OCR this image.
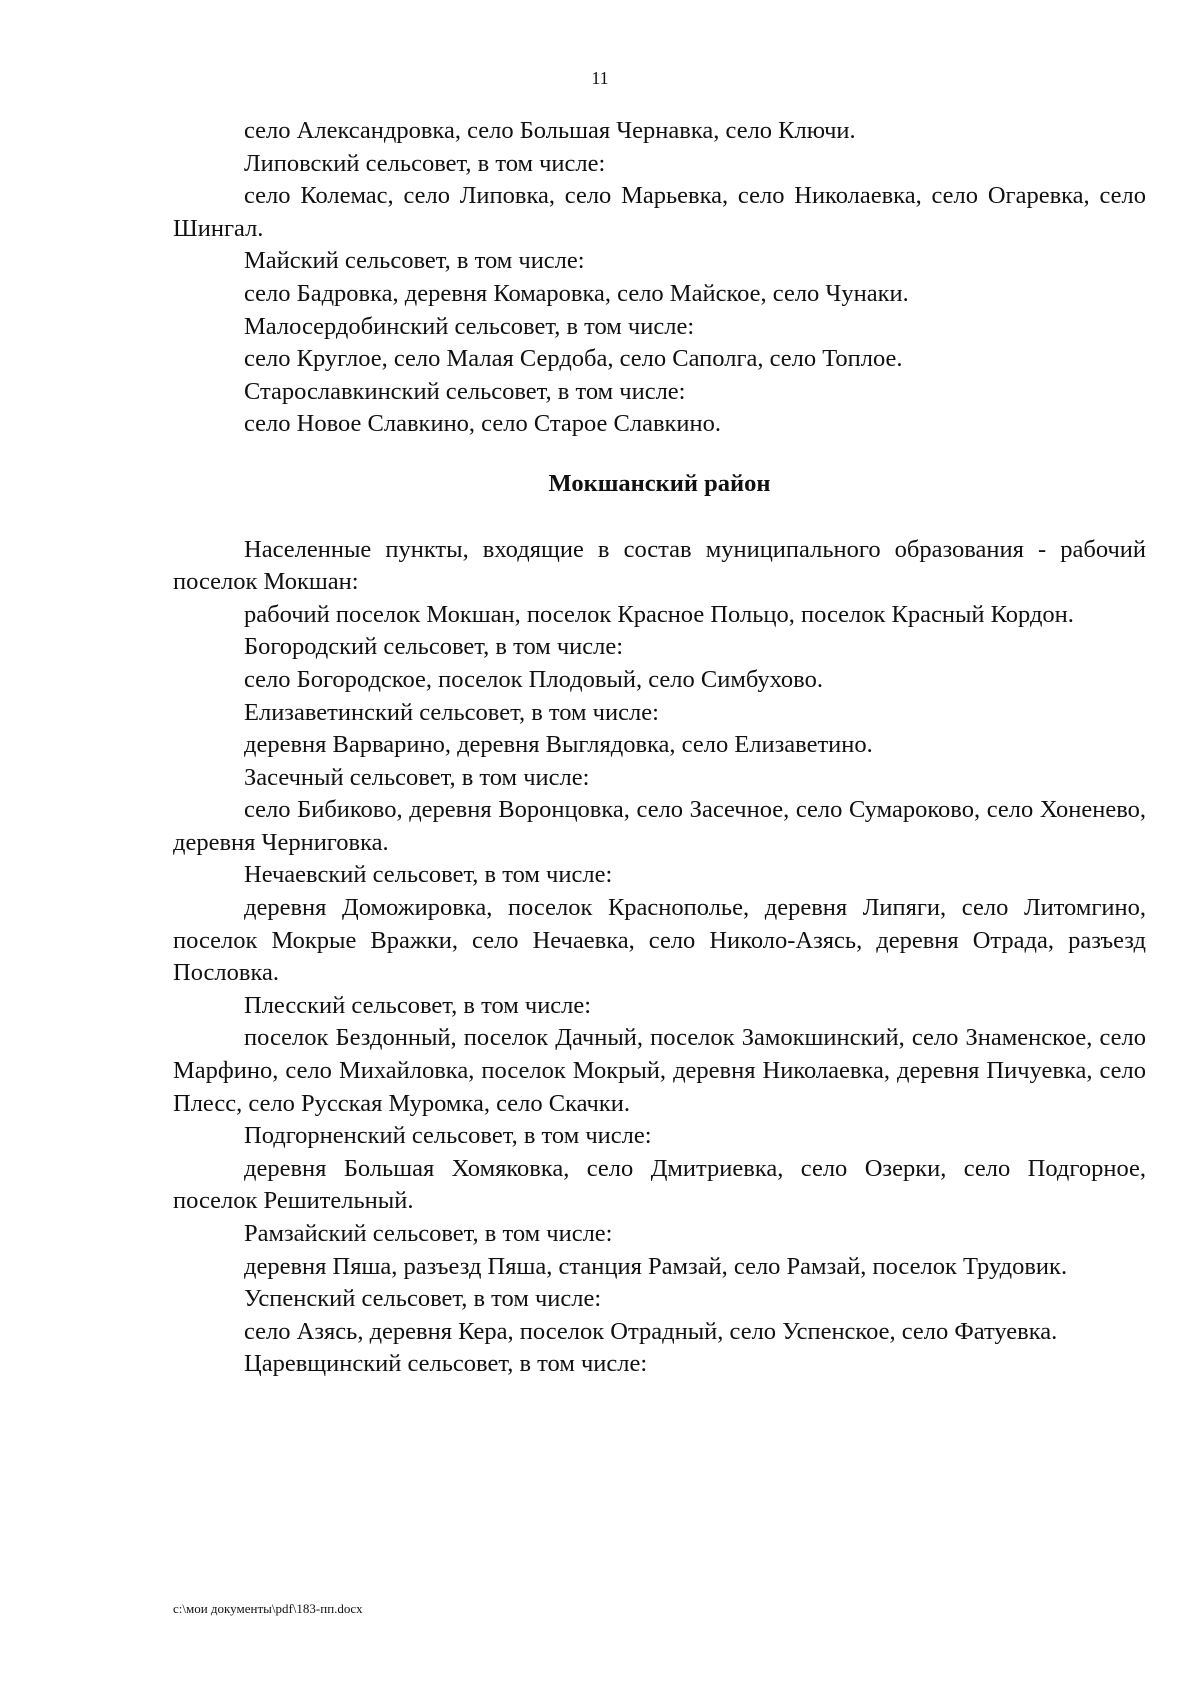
11

село Александровка, село Большая Чернавка, село Ключи.

Липовский сельсовет, в том числе:

село Колемас, село Липовка, село Марьевка, село Николаевка, село Огаревка, село Шингал.

Майский сельсовет, в том числе:

село Бадровка, деревня Комаровка, село Майское, село Чунаки.

Малосердобинский сельсовет, в том числе:

село Круглое, село Малая Сердоба, село Саполга, село Топлое.

Старославкинский сельсовет, в том числе:

село Новое Славкино, село Старое Славкино.

Мокшанский район

Населенные пункты, входящие в состав муниципального образования - рабочий поселок Мокшан:

рабочий поселок Мокшан, поселок Красное Польцо, поселок Красный Кордон.

Богородский сельсовет, в том числе:

село Богородское, поселок Плодовый, село Симбухово.

Елизаветинский сельсовет, в том числе:

деревня Варварино, деревня Выглядовка, село Елизаветино.

Засечный сельсовет, в том числе:

село Бибиково, деревня Воронцовка, село Засечное, село Сумароково, село Хоненево, деревня Черниговка.

Нечаевский сельсовет, в том числе:

деревня Доможировка, поселок Краснополье, деревня Липяги, село Литомгино, поселок Мокрые Вражки, село Нечаевка, село Николо-Азясь, деревня Отрада, разъезд Пословка.

Плесский сельсовет, в том числе:

поселок Бездонный, поселок Дачный, поселок Замокшинский, село Знаменское, село Марфино, село Михайловка, поселок Мокрый, деревня Николаевка, деревня Пичуевка, село Плесс, село Русская Муромка, село Скачки.

Подгорненский сельсовет, в том числе:

деревня Большая Хомяковка, село Дмитриевка, село Озерки, село Подгорное, поселок Решительный.

Рамзайский сельсовет, в том числе:

деревня Пяша, разъезд Пяша, станция Рамзай, село Рамзай, поселок Трудовик.

Успенский сельсовет, в том числе:

село Азясь, деревня Кера, поселок Отрадный, село Успенское, село Фатуевка.

Царевщинский сельсовет, в том числе:

c:\мои документы\pdf\183-пп.docx
